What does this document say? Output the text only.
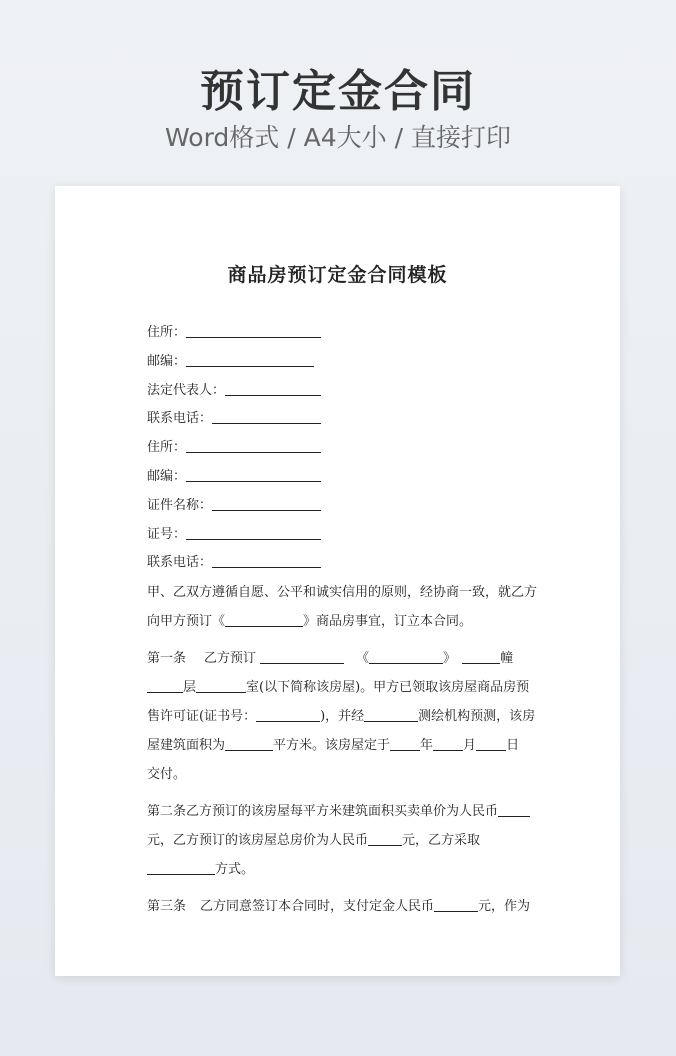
预订定金合同
Word格式 / A4大小 / 直接打印
商品房预订定金合同模板
住所：
邮编：
法定代表人：
联系电话：
住所：
邮编：
证件名称：
证号：
联系电话：
甲、乙双方遵循自愿、公平和诚实信用的原则，经协商一致，就乙方
向甲方预订《	》商品房事宜，订立本合同。
第一条 乙方预订	《	》	幢
层	室(以下简称该房屋)。甲方已领取该房屋商品房预
售许可证(证书号：	)，并经	测绘机构预测，该房
屋建筑面积为	平方米。该房屋定于 年 月 日
交付。
第二条乙方预订的该房屋每平方米建筑面积买卖单价为人民币
元，乙方预订的该房屋总房价为人民币	元，乙方采取
方式。
第三条 乙方同意签订本合同时，支付定金人民币	元，作为
